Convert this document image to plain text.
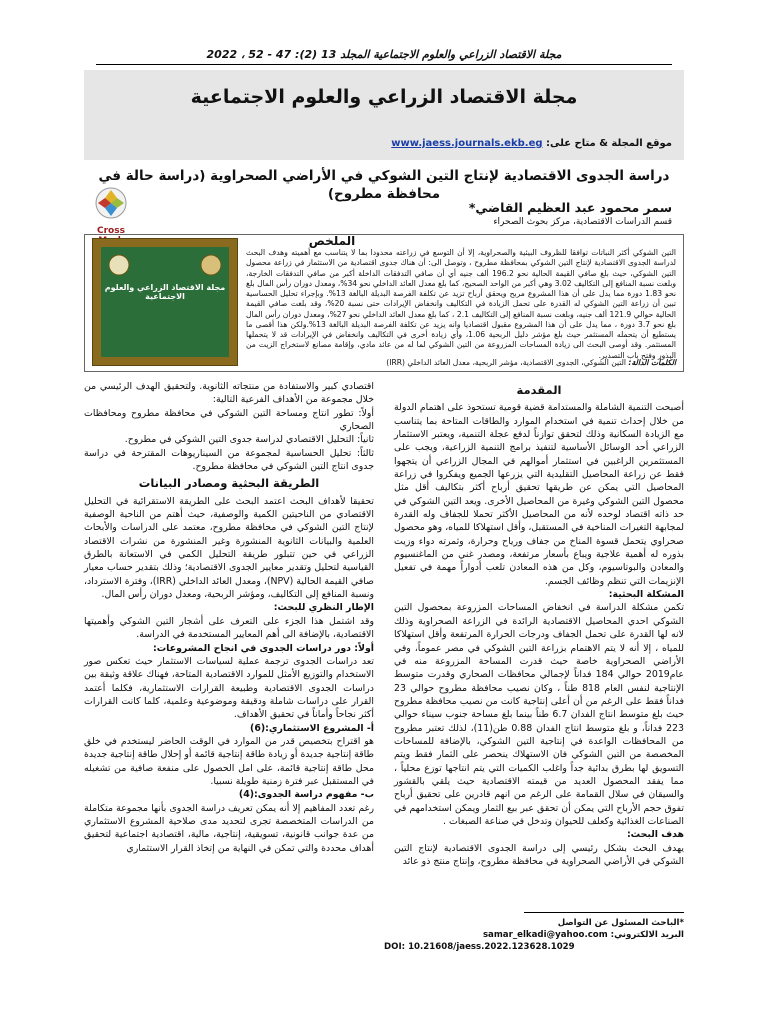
مجلة الاقتصاد الزراعي والعلوم الاجتماعية المجلد 13 (2): 47 - 52 ، 2022
مجلة الاقتصاد الزراعي والعلوم الاجتماعية
موقع المجلة & متاح على: www.jaess.journals.ekb.eg
دراسة الجدوى الاقتصادية لإنتاج التين الشوكي في الأراضي الصحراوية (دراسة حالة في محافظة مطروح)
سمر محمود عبد العظيم القاضي*
قسم الدراسات الاقتصادية، مركز بحوث الصحراء
Cross
مجلة الاقتصاد الزراعي والعلوم الاجتماعية
الملخص
التين الشوكي أكثر النباتات توافقا للظروف البيئية والصحراوية، إلا أن التوسع في زراعته محدودا بما لا يتناسب مع أهميته وهدف البحث لدراسة الجدوى الاقتصادية لإنتاج التين الشوكي بمحافظة مطروح ، وتوصل الى: أن هناك جدوى اقتصادية من الاستثمار في زراعة محصول التين الشوكي، حيث بلغ صافي القيمة الحالية نحو 196.2 ألف جنيه أي أن صافي التدفقات الداخلة أكبر من صافي التدفقات الخارجة، وبلغت نسبة المنافع إلى التكاليف 3.02 وهي أكبر من الواحد الصحيح، كما بلغ معدل العائد الداخلي نحو 34%، ومعدل دوران رأس المال بلغ نحو 1.83 دورة مما يدل على أن هذا المشروع مربح ويحقق أرباح تزيد عن تكلفة الفرصة البديلة البالغة 13%. وبإجراء تحليل الحساسية تبين أن زراعة التين الشوكي له القدرة على تحمل الزيادة في التكاليف وانخفاض الإيرادات حتى نسبة 20%، وقد بلغت صافي القيمة الحالية حوالي 121.9 ألف جنيه، وبلغت نسبة المنافع إلى التكاليف 2.1 ، كما بلغ معدل العائد الداخلي نحو 27%، ومعدل دوران رأس المال بلغ نحو 3.7 دورة ، مما يدل على أن هذا المشروع مقبول اقتصاديا وانه يزيد عن تكلفة الفرصة البديلة البالغة 13%.ولكن هذا أقصى ما يستطيع أن يتحمله المستثمر حيث بلغ مؤشر دليل الربحية 1.06، وأي زيادة أخرى في التكاليف وانخفاض في الإيرادات قد لا يتحملها المستثمر. وقد أوصى البحث الى زيادة المساحات المزروعة من التين الشوكي لما له من عائد مادي، وإقامة مصانع لاستخراج الزيت من البذور وفتح باب التصدير.
الكلمات الدالة: التين الشوكي، الجدوى الاقتصادية، مؤشر الربحية، معدل العائد الداخلي (IRR)
المقدمة

أصبحت التنمية الشاملة والمستدامة قضية قومية تستحوذ على اهتمام الدولة من خلال إحداث تنمية في استخدام الموارد والطاقات المتاحة بما يتناسب مع الزيادة السكانية وذلك لتحقق توازناً لدفع عجلة التنمية، ويعتبر الاستثمار الزراعي أحد الوسائل الأساسية لتنفيذ برامج التنمية الزراعية، ويجب على المستثمرين الراغبين في استثمار أموالهم في المجال الزراعي أن يتجهوا فقط عن زراعة المحاصيل التقليدية التي يزرعها الجميع ويفكروا في زراعة المحاصيل التي يمكن عن طريقها تحقيق أرباح أكثر بتكاليف أقل مثل محصول التين الشوكي وغيرة من المحاصيل الأخرى. ويعد التين الشوكي في حد ذاته اقتصاد لوحده لأنه من المحاصيل الأكثر تحملا للجفاف وله القدرة لمجابهة التغيرات المناخية في المستقبل، وأقل استهلاكا للمياه، وهو محصول صحراوي يتحمل قسوة المناخ من جفاف ورياح وحرارة، وثمرته دواء وزيت بذوره له أهمية علاجية ويباع بأسعار مرتفعة، ومصدر غني من الماغنسيوم والمعادن والبوتاسيوم، وكل من هذه المعادن تلعب أدواراً مهمة في تفعيل الإنزيمات التي تنظم وظائف الجسم.

المشكلة البحثية:

تكمن مشكلة الدراسة في انخفاض المساحات المزروعة بمحصول التين الشوكي احدي المحاصيل الاقتصادية الرائدة في الزراعة الصحراوية وذلك لانه لها القدرة على تحمل الجفاف ودرجات الحرارة المرتفعة وأقل استهلاكا للمياه ، إلا أنه لا يتم الاهتمام بزراعة التين الشوكي في مصر عموماً، وفي الأراضي الصحراوية خاصة حيث قدرت المساحة المزروعة منه في عام2019 حوالي 184 فداناً لإجمالي محافظات الصحاري وقدرت متوسط الإنتاجية لنفس العام 818 طناً ، وكان نصيب محافظة مطروح حوالي 23 فداناً فقط على الرغم من أن أعلى إنتاجية كانت من نصيب محافظة مطروح حيث بلغ متوسط انتاج الفدان 6.7 طناً بينما بلغ مساحة جنوب سيناء حوالي 223 فداناً، و بلغ متوسط انتاج الفدان 0.88 طن(11)، لذلك تعتبر مطروح من المحافظات الواعدة في إنتاجية التين الشوكي، بالإضافة للمساحات المخصصة من التين الشوكي فان الاستهلاك ينحصر على الثمار فقط ويتم التسويق لها بطرق بدائية جداً واغلب الكميات التي يتم انتاجها توزع محلياً ، مما يفقد المحصول العديد من قيمته الاقتصادية حيث يلقي بالقشور والسيقان في سلال القمامة على الرغم من انهم قادرين على تحقيق أرباح تفوق حجم الأرباح التي يمكن أن تحقق عبر بيع الثمار ويمكن استخدامهم في الصناعات الغذائية وكعلف للحيوان وتدخل في صناعة الصبغات .

هدف البحث:

يهدف البحث بشكل رئيسي إلى دراسة الجدوى الاقتصادية لإنتاج التين الشوكي في الأراضي الصحراوية في محافظة مطروح، وإنتاج منتج ذو عائد

اقتصادي كبير والاستفادة من منتجاته الثانوية. ولتحقيق الهدف الرئيسي من خلال مجموعة من الأهداف الفرعية التالية:

أولاً: تطور انتاج ومساحة التين الشوكي في محافظة مطروح ومحافظات الصحاري

ثانياً: التحليل الاقتصادي لدراسة جدوى التين الشوكي في مطروح.

ثالثاً: تحليل الحساسية لمجموعة من السيناريوهات المقترحة في دراسة جدوى انتاج التين الشوكي في محافظة مطروح.

الطريقة البحثية ومصادر البيانات

تحقيقا لأهداف البحث اعتمد البحث على الطريقة الاستقرائية في التحليل الاقتصادي من الناحيتين الكمية والوصفية، حيث أهتم من الناحية الوصفية لإنتاج التين الشوكي في محافظة مطروح، معتمد على الدراسات والأبحاث العلمية والبيانات الثانوية المنشورة وغير المنشورة من نشرات الاقتصاد الزراعي في حين تتبلور طريقة التحليل الكمي في الاستعانة بالطرق القياسية لتحليل وتقدير معايير الجدوى الاقتصادية؛ وذلك بتقدير حساب معيار صافي القيمة الحالية (NPV)، ومعدل العائد الداخلي (IRR)، وفترة الاسترداد، ونسبة المنافع إلى التكاليف، ومؤشر الربحية، ومعدل دوران رأس المال.

الإطار النظري للبحث:

وقد اشتمل هذا الجزء على التعرف على أشجار التين الشوكي وأهميتها الاقتصادية، بالإضافة الى أهم المعايير المستخدمة في الدراسة.

أولاً: دور دراسات الجدوى في انجاح المشروعات:

تعد دراسات الجدوى ترجمة عملية لسياسات الاستثمار حيث تعكس صور الاستخدام والتوزيع الأمثل للموارد الاقتصادية المتاحة، فهناك علاقة وثيقة بين دراسات الجدوى الاقتصادية وطبيعة القرارات الاستثمارية، فكلما أعتمد القرار على دراسات شاملة ودقيقة وموضوعية وعلمية، كلما كانت القرارات أكثر نجاحاً وأماناً في تحقيق الأهداف.

أ- المشروع الاستثماري:(6)

هو اقتراح بتخصيص قدر من الموارد في الوقت الحاضر ليستخدم في خلق طاقة إنتاجية جديدة أو زيادة طاقة إنتاجية قائمة أو إحلال طاقة إنتاجية جديدة محل طاقة إنتاجية قائمة، على امل الحصول على منفعة صافية من تشغيله في المستقبل عبر فترة زمنية طويلة نسبيا.

ب- مفهوم دراسة الجدوى:(4)

رغم تعدد المفاهيم إلا أنه يمكن تعريف دراسة الجدوى بأنها مجموعة متكاملة من الدراسات المتخصصة تجرى لتحديد مدى صلاحية المشروع الاستثماري من عدة جوانب قانونية، تسويقية، إنتاجية، مالية، اقتصادية اجتماعية لتحقيق أهداف محددة والتي تمكن في النهاية من إتخاذ القرار الاستثماري

*الباحث المسئول عن التواصل
البريد الالكتروني: samar_elkadi@yahoo.com
DOI: 10.21608/jaess.2022.123628.1029
